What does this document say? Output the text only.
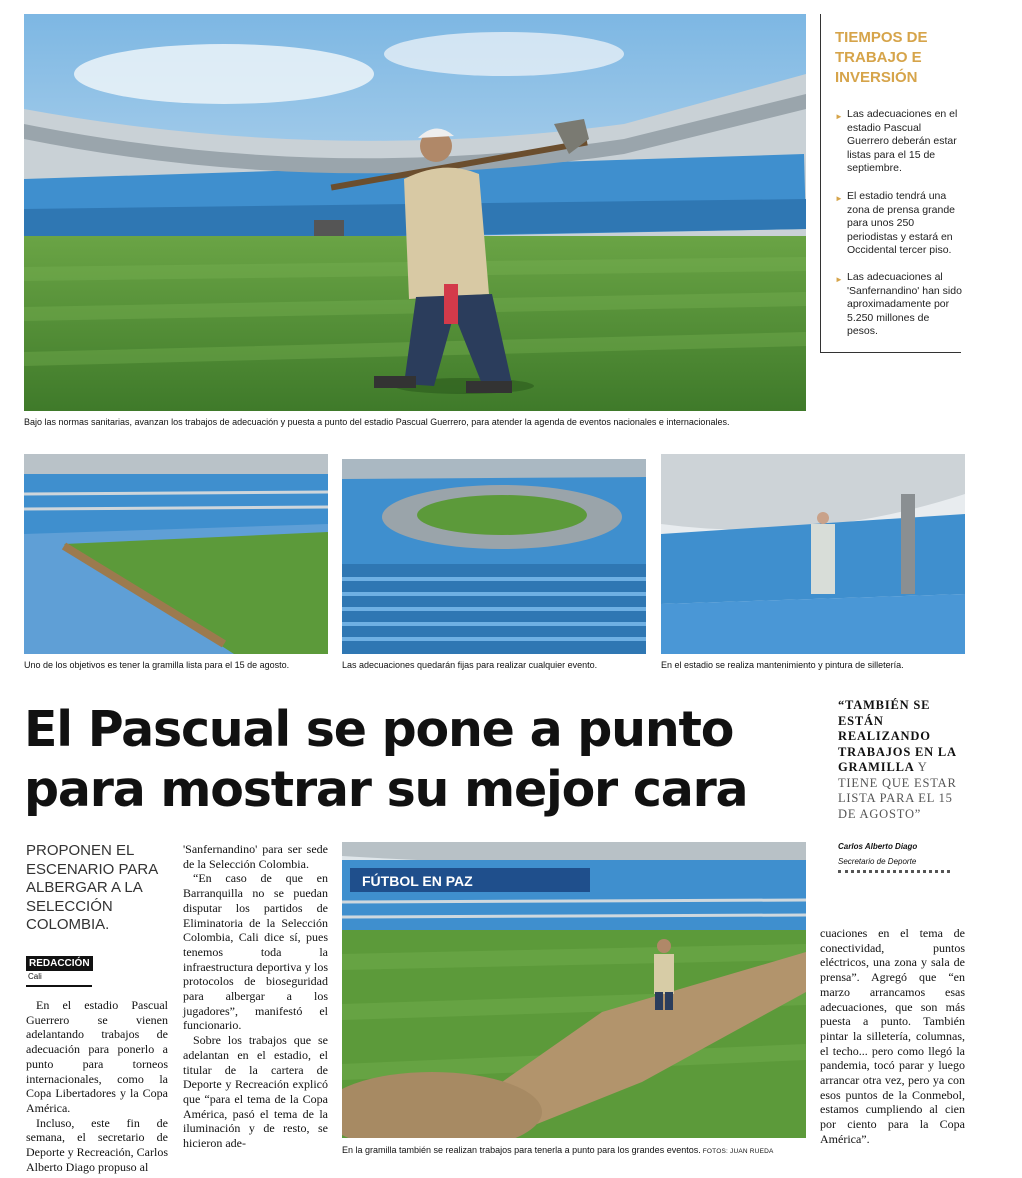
Bajo las normas sanitarias, avanzan los trabajos de adecuación y puesta a punto del estadio Pascual Guerrero, para atender la agenda de eventos nacionales e internacionales.
TIEMPOS DE TRABAJO E INVERSIÓN
► Las adecuaciones en el estadio Pascual Guerrero deberán estar listas para el 15 de septiembre.
► El estadio tendrá una zona de prensa grande para unos 250 periodistas y estará en Occidental tercer piso.
► Las adecuaciones al 'Sanfernandino' han sido aproximadamente por 5.250 millones de pesos.
Uno de los objetivos es tener la gramilla lista para el 15 de agosto.	Las adecuaciones quedarán fijas para realizar cualquier evento.	En el estadio se realiza mantenimiento y pintura de silletería.
El Pascual se pone a punto
para mostrar su mejor cara
“TAMBIÉN SE ESTÁN REALIZANDO TRABAJOS EN LA GRAMILLA Y TIENE QUE ESTAR LISTA PARA EL 15 DE AGOSTO”
Carlos Alberto Diago
Secretario de Deporte
PROPONEN EL ESCENARIO PARA ALBERGAR A LA SELECCIÓN COLOMBIA.
REDACCIÓN
Cali

En el estadio Pascual Guerrero se vienen adelantando trabajos de adecuación para ponerlo a punto para torneos internacionales, como la Copa Libertadores y la Copa América.

Incluso, este fin de semana, el secretario de Deporte y Recreación, Carlos Alberto Diago propuso al

'Sanfernandino' para ser sede de la Selección Colombia.

“En caso de que en Barranquilla no se puedan disputar los partidos de Eliminatoria de la Selección Colombia, Cali dice sí, pues tenemos toda la infraestructura deportiva y los protocolos de bioseguridad para albergar a los jugadores”, manifestó el funcionario.

Sobre los trabajos que se adelantan en el estadio, el titular de la cartera de Deporte y Recreación explicó que “para el tema de la Copa América, pasó el tema de la iluminación y de resto, se hicieron ade-

FÚTBOL EN PAZ
En la gramilla también se realizan trabajos para tenerla a punto para los grandes eventos. FOTOS: JUAN RUEDA

cuaciones en el tema de conectividad, puntos eléctricos, una zona y sala de prensa”. Agregó que “en marzo arrancamos esas adecuaciones, que son más puesta a punto. También pintar la silletería, columnas, el techo... pero como llegó la pandemia, tocó parar y luego arrancar otra vez, pero ya con esos puntos de la Conmebol, estamos cumpliendo al cien por ciento para la Copa América”.
